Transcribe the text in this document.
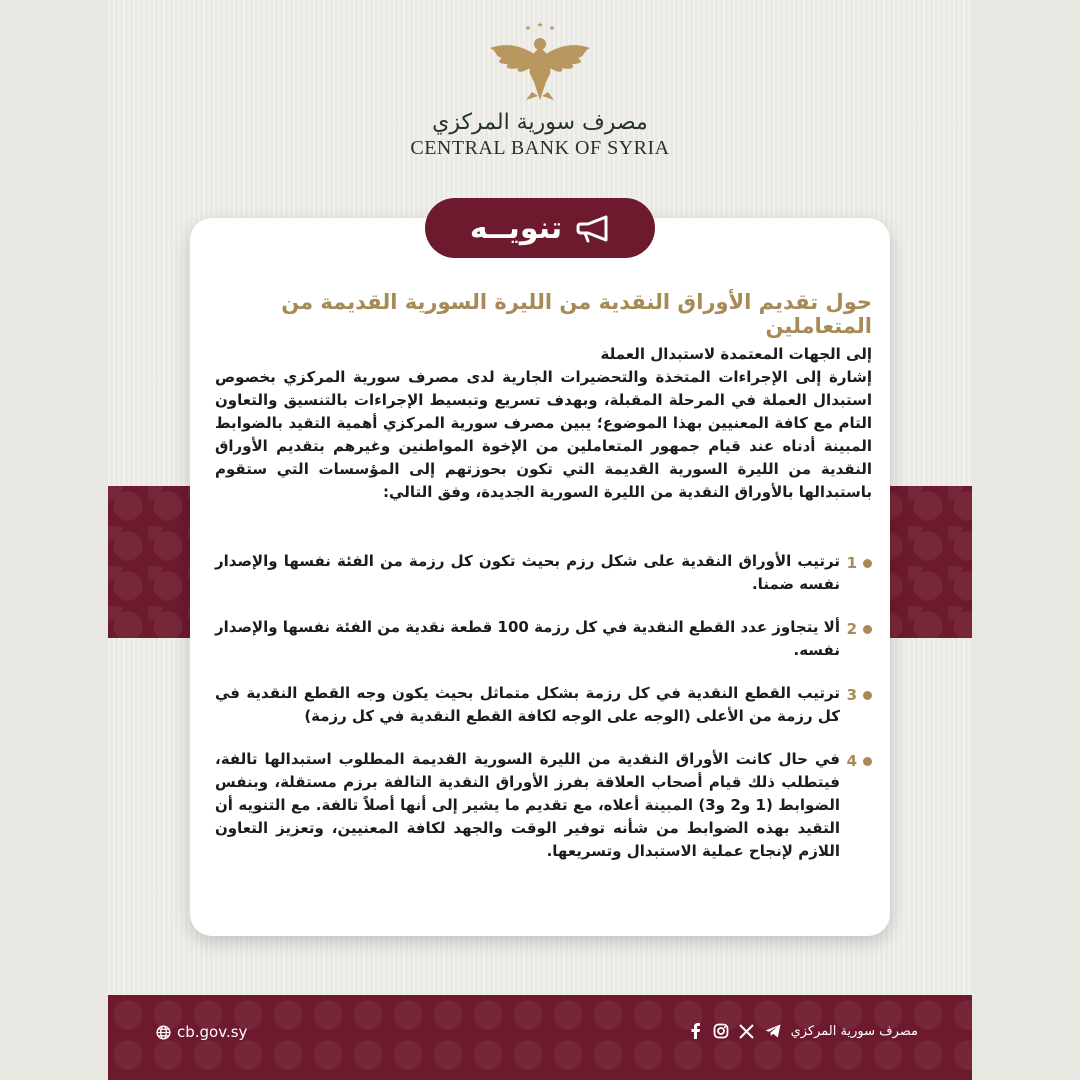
مصرف سورية المركزي
CENTRAL BANK OF SYRIA
تنويــه
حول تقديم الأوراق النقدية من الليرة السورية القديمة من المتعاملين
إلى الجهات المعتمدة لاستبدال العملة
إشارة إلى الإجراءات المتخذة والتحضيرات الجارية لدى مصرف سورية المركزي بخصوص استبدال العملة في المرحلة المقبلة، وبهدف تسريع وتبسيط الإجراءات بالتنسيق والتعاون التام مع كافة المعنيين بهذا الموضوع؛ يبين مصرف سورية المركزي أهمية التقيد بالضوابط المبينة أدناه عند قيام جمهور المتعاملين من الإخوة المواطنين وغيرهم بتقديم الأوراق النقدية من الليرة السورية القديمة التي تكون بحوزتهم إلى المؤسسات التي ستقوم باستبدالها بالأوراق النقدية من الليرة السورية الجديدة، وفق التالي:
1
ترتيب الأوراق النقدية على شكل رزم بحيث تكون كل رزمة من الفئة نفسها والإصدار نفسه ضمنا.
2
ألا يتجاوز عدد القطع النقدية في كل رزمة 100 قطعة نقدية من الفئة نفسها والإصدار نفسه.
3
ترتيب القطع النقدية في كل رزمة بشكل متماثل بحيث يكون وجه القطع النقدية في كل رزمة من الأعلى (الوجه على الوجه لكافة القطع النقدية في كل رزمة)
4
في حال كانت الأوراق النقدية من الليرة السورية القديمة المطلوب استبدالها تالفة، فيتطلب ذلك قيام أصحاب العلاقة بفرز الأوراق النقدية التالفة برزم مستقلة، وبنفس الضوابط (1 و2 و3) المبينة أعلاه، مع تقديم ما يشير إلى أنها أصلاً تالفة. مع التنويه أن التقيد بهذه الضوابط من شأنه توفير الوقت والجهد لكافة المعنيين، وتعزيز التعاون اللازم لإنجاح عملية الاستبدال وتسريعها.
مصرف سورية المركزي
cb.gov.sy
